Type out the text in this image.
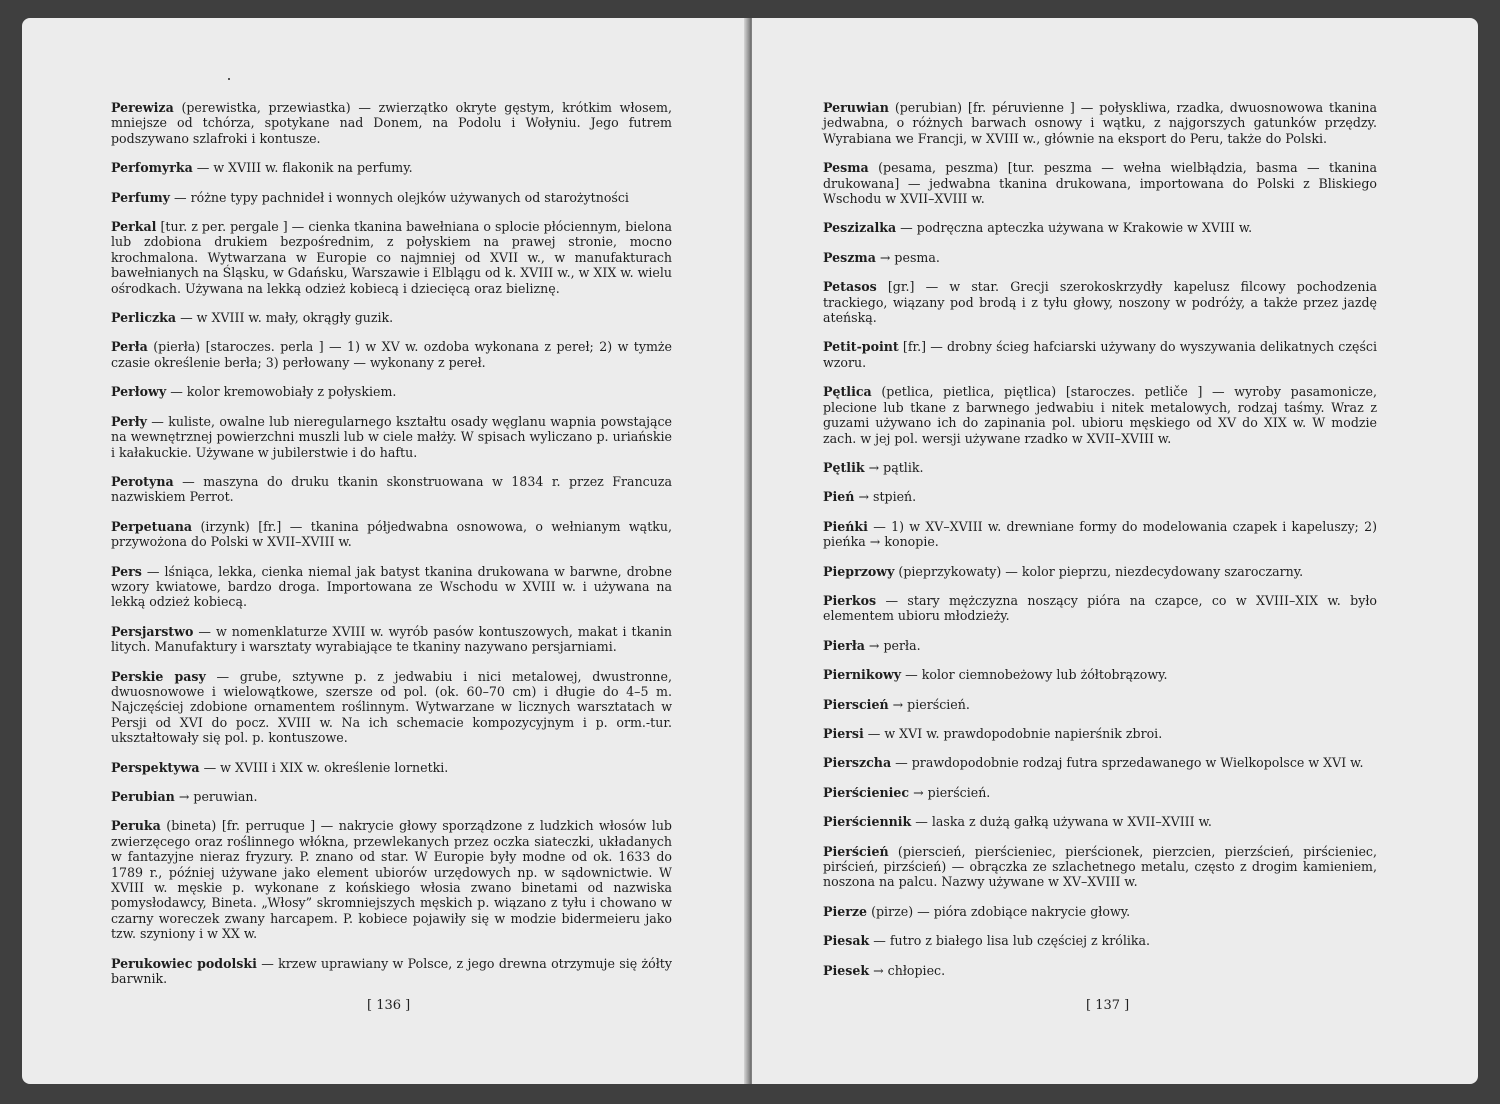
Perewiza (perewistka, przewiastka) — zwierzątko okryte gęstym, krótkim włosem, mniejsze od tchórza, spotykane nad Donem, na Podolu i Wołyniu. Jego futrem podszywano szlafroki i kontusze.

Perfomyrka — w XVIII w. flakonik na perfumy.

Perfumy — różne typy pachnideł i wonnych olejków używanych od starożytności

Perkal [tur. z per. pergale ] — cienka tkanina bawełniana o splocie płóciennym, bielona lub zdobiona drukiem bezpośrednim, z połyskiem na prawej stronie, mocno krochmalona. Wytwarzana w Europie co najmniej od XVII w., w manufakturach bawełnianych na Śląsku, w Gdańsku, Warszawie i Elblągu od k. XVIII w., w XIX w. wielu ośrodkach. Używana na lekką odzież kobiecą i dziecięcą oraz bieliznę.

Perliczka — w XVIII w. mały, okrągły guzik.

Perła (pierła) [staroczes. perla ] — 1) w XV w. ozdoba wykonana z pereł; 2) w tymże czasie określenie berła; 3) perłowany — wykonany z pereł.

Perłowy — kolor kremowobiały z połyskiem.

Perły — kuliste, owalne lub nieregularnego kształtu osady węglanu wapnia powstające na wewnętrznej powierzchni muszli lub w ciele małży. W spisach wyliczano p. uriańskie i kałakuckie. Używane w jubilerstwie i do haftu.

Perotyna — maszyna do druku tkanin skonstruowana w 1834 r. przez Francuza nazwiskiem Perrot.

Perpetuana (irzynk) [fr.] — tkanina półjedwabna osnowowa, o wełnianym wątku, przywożona do Polski w XVII–XVIII w.

Pers — lśniąca, lekka, cienka niemal jak batyst tkanina drukowana w barwne, drobne wzory kwiatowe, bardzo droga. Importowana ze Wschodu w XVIII w. i używana na lekką odzież kobiecą.

Persjarstwo — w nomenklaturze XVIII w. wyrób pasów kontuszowych, makat i tkanin litych. Manufaktury i warsztaty wyrabiające te tkaniny nazywano persjarniami.

Perskie pasy — grube, sztywne p. z jedwabiu i nici metalowej, dwustronne, dwuosnowowe i wielowątkowe, szersze od pol. (ok. 60–70 cm) i długie do 4–5 m. Najczęściej zdobione ornamentem roślinnym. Wytwarzane w licznych warsztatach w Persji od XVI do pocz. XVIII w. Na ich schemacie kompozycyjnym i p. orm.-tur. ukształtowały się pol. p. kontuszowe.

Perspektywa — w XVIII i XIX w. określenie lornetki.

Perubian → peruwian.

Peruka (bineta) [fr. perruque ] — nakrycie głowy sporządzone z ludzkich włosów lub zwierzęcego oraz roślinnego włókna, przewlekanych przez oczka siateczki, układanych w fantazyjne nieraz fryzury. P. znano od star. W Europie były modne od ok. 1633 do 1789 r., później używane jako element ubiorów urzędowych np. w sądownictwie. W XVIII w. męskie p. wykonane z końskiego włosia zwano binetami od nazwiska pomysłodawcy, Bineta. „Włosy” skromniejszych męskich p. wiązano z tyłu i chowano w czarny woreczek zwany harcapem. P. kobiece pojawiły się w modzie bidermeieru jako tzw. szyniony i w XX w.

Perukowiec podolski — krzew uprawiany w Polsce, z jego drewna otrzymuje się żółty barwnik.

[ 136 ]

Peruwian (perubian) [fr. péruvienne ] — połyskliwa, rzadka, dwuosnowowa tkanina jedwabna, o różnych barwach osnowy i wątku, z najgorszych gatunków przędzy. Wyrabiana we Francji, w XVIII w., głównie na eksport do Peru, także do Polski.

Pesma (pesama, peszma) [tur. peszma — wełna wielbłądzia, basma — tkanina drukowana] — jedwabna tkanina drukowana, importowana do Polski z Bliskiego Wschodu w XVII–XVIII w.

Peszizalka — podręczna apteczka używana w Krakowie w XVIII w.

Peszma → pesma.

Petasos [gr.] — w star. Grecji szerokoskrzydły kapelusz filcowy pochodzenia trackiego, wiązany pod brodą i z tyłu głowy, noszony w podróży, a także przez jazdę ateńską.

Petit-point [fr.] — drobny ścieg hafciarski używany do wyszywania delikatnych części wzoru.

Pętlica (petlica, pietlica, piętlica) [staroczes. petliče ] — wyroby pasamonicze, plecione lub tkane z barwnego jedwabiu i nitek metalowych, rodzaj taśmy. Wraz z guzami używano ich do zapinania pol. ubioru męskiego od XV do XIX w. W modzie zach. w jej pol. wersji używane rzadko w XVII–XVIII w.

Pętlik → pątlik.

Pień → stpień.

Pieńki — 1) w XV–XVIII w. drewniane formy do modelowania czapek i kapeluszy; 2) pieńka → konopie.

Pieprzowy (pieprzykowaty) — kolor pieprzu, niezdecydowany szaroczarny.

Pierkos — stary mężczyzna noszący pióra na czapce, co w XVIII–XIX w. było elementem ubioru młodzieży.

Pierła → perła.

Piernikowy — kolor ciemnobeżowy lub żółtobrązowy.

Pierscień → pierścień.

Piersi — w XVI w. prawdopodobnie napierśnik zbroi.

Pierszcha — prawdopodobnie rodzaj futra sprzedawanego w Wielkopolsce w XVI w.

Pierścieniec → pierścień.

Pierściennik — laska z dużą gałką używana w XVII–XVIII w.

Pierścień (pierscień, pierścieniec, pierścionek, pierzcien, pierzścień, pirścieniec, pirścień, pirzścień) — obrączka ze szlachetnego metalu, często z drogim kamieniem, noszona na palcu. Nazwy używane w XV–XVIII w.

Pierze (pirze) — pióra zdobiące nakrycie głowy.

Piesak — futro z białego lisa lub częściej z królika.

Piesek → chłopiec.

[ 137 ]
